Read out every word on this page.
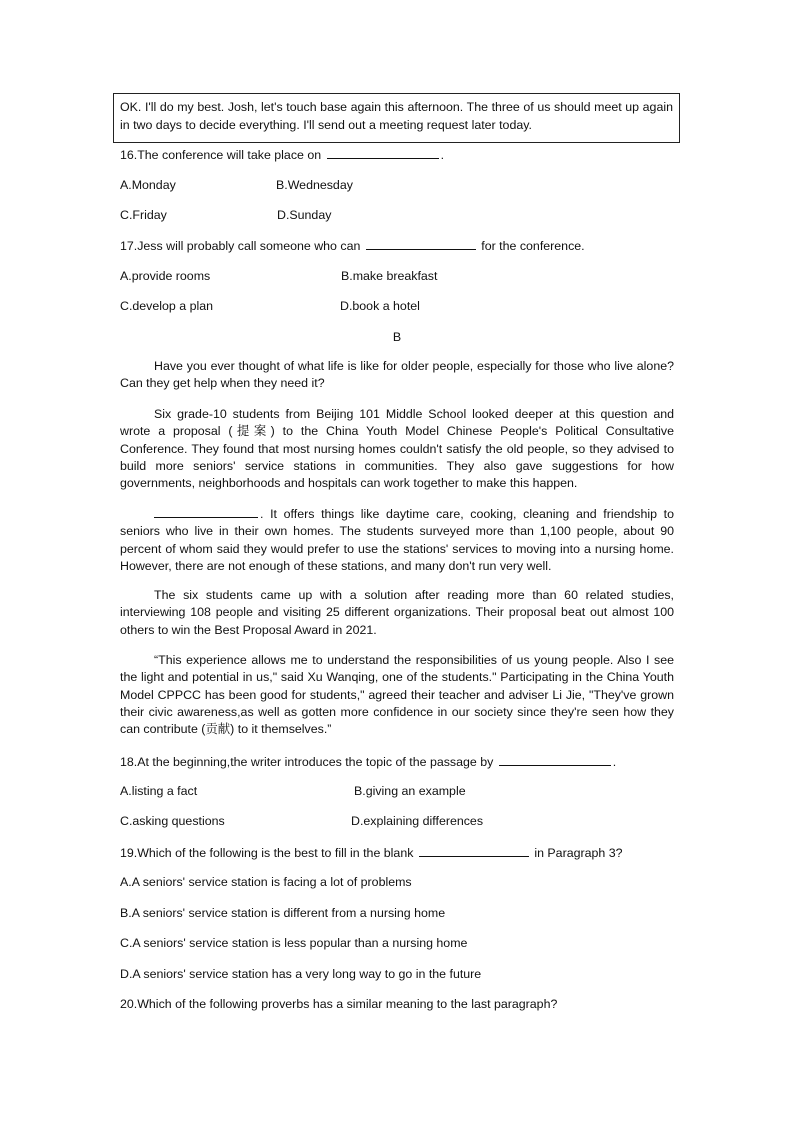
OK. I'll do my best. Josh, let's touch base again this afternoon. The three of us should meet up again in two days to decide everything. I'll send out a meeting request later today.
16.The conference will take place on	.
A.Monday	B.Wednesday
C.Friday	D.Sunday
17.Jess will probably call someone who can	for the conference.
A.provide rooms	B.make breakfast
C.develop a plan	D.book a hotel
B

Have you ever thought of what life is like for older people, especially for those who live alone? Can they get help when they need it?

Six grade-10 students from Beijing 101 Middle School looked deeper at this question and wrote a proposal (提案) to the China Youth Model Chinese People's Political Consultative Conference. They found that most nursing homes couldn't satisfy the old people, so they advised to build more seniors' service stations in communities. They also gave suggestions for how governments, neighborhoods and hospitals can work together to make this happen.

. It offers things like daytime care, cooking, cleaning and friendship to seniors who live in their own homes. The students surveyed more than 1,100 people, about 90 percent of whom said they would prefer to use the stations' services to moving into a nursing home. However, there are not enough of these stations, and many don't run very well.

The six students came up with a solution after reading more than 60 related studies, interviewing 108 people and visiting 25 different organizations. Their proposal beat out almost 100 others to win the Best Proposal Award in 2021.

“This experience allows me to understand the responsibilities of us young people. Also I see the light and potential in us," said Xu Wanqing, one of the students." Participating in the China Youth Model CPPCC has been good for students," agreed their teacher and adviser Li Jie, "They've grown their civic awareness,as well as gotten more confidence in our society since they're seen how they can contribute (贡献) to it themselves.”

18.At the beginning,the writer introduces the topic of the passage by	.
A.listing a fact	B.giving an example
C.asking questions	D.explaining differences
19.Which of the following is the best to fill in the blank	in Paragraph 3?
A.A seniors' service station is facing a lot of problems
B.A seniors' service station is different from a nursing home
C.A seniors' service station is less popular than a nursing home
D.A seniors' service station has a very long way to go in the future
20.Which of the following proverbs has a similar meaning to the last paragraph?
